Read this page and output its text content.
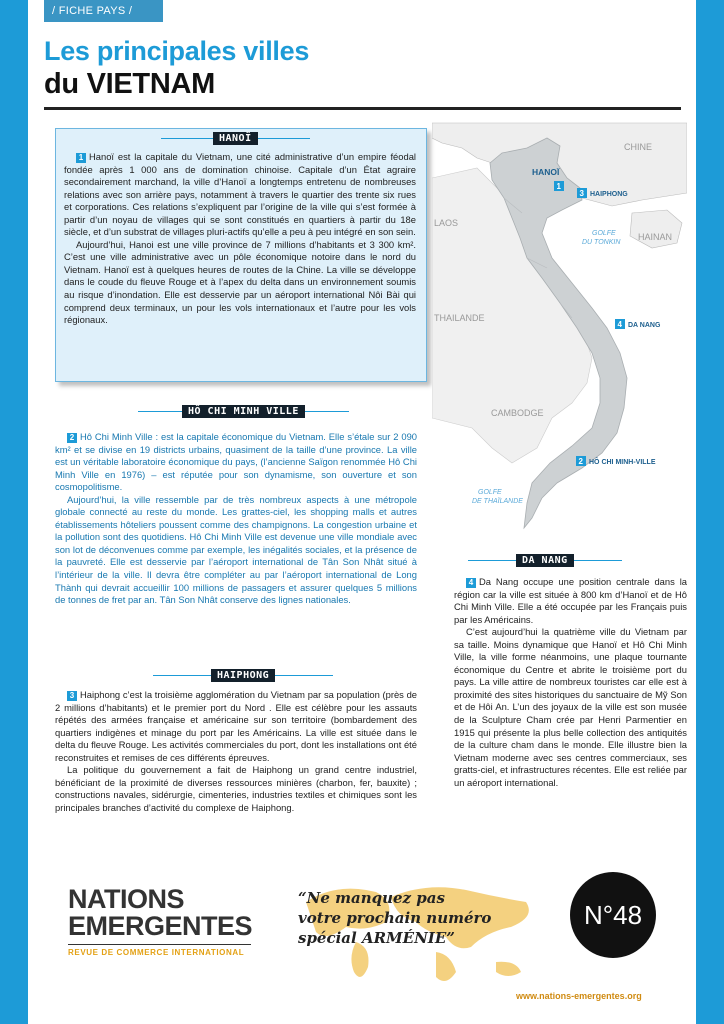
/ FICHE PAYS /
Les principales villes
du VIETNAM
HANOÏ

1 Hanoï est la capitale du Vietnam, une cité administrative d’un empire féodal fondée après 1 000 ans de domination chinoise. Capitale d’un État agraire secondairement marchand, la ville d’Hanoï a longtemps entretenu de nombreuses relations avec son arrière pays, notamment à travers le quartier des trente six rues et corporations. Ces relations s’expliquent par l’origine de la ville qui s’est formée à partir d’un noyau de villages qui se sont constitués en quartiers à partir du 18e siècle, et d’un substrat de villages pluri-actifs qu’elle a peu à peu intégré en son sein.

Aujourd’hui, Hanoi est une ville province de 7 millions d’habitants et 3 300 km². C’est une ville administrative avec un pôle économique notoire dans le nord du Vietnam. Hanoï est à quelques heures de routes de la Chine. La ville se développe dans le coude du fleuve Rouge et à l’apex du delta dans un environnement soumis au risque d’inondation. Elle est desservie par un aéroport international Nôi Bài qui comprend deux terminaux, un pour les vols internationaux et l’autre pour les vols régionaux.

HÔ CHI MINH VILLE

2 Hô Chi Minh Ville : est la capitale économique du Vietnam. Elle s’étale sur 2 090 km² et se divise en 19 districts urbains, quasiment de la taille d’une province. La ville est un véritable laboratoire économique du pays, (l’ancienne Saïgon renommée Hô Chi Minh Ville en 1976) – est réputée pour son dynamisme, son ouverture et son cosmopolitisme.

Aujourd’hui, la ville ressemble par de très nombreux aspects à une métropole globale connecté au reste du monde. Les grattes-ciel, les shopping malls et autres établissements hôteliers poussent comme des champignons. La congestion urbaine et la pollution sont des quotidiens. Hô Chi Minh Ville est devenue une ville mondiale avec son lot de déconvenues comme par exemple, les inégalités sociales, et la présence de la pauvreté. Elle est desservie par l’aéroport international de Tân Son Nhât situé à l’intérieur de la ville. Il devra être compléter au par l’aéroport international de Long Thành qui devrait accueillir 100 millions de passagers et assurer quelques 5 millions de tonnes de fret par an. Tân Son Nhât conserve des lignes nationales.

HAIPHONG

3 Haiphong c’est la troisième agglomération du Vietnam par sa population (près de 2 millions d’habitants) et le premier port du Nord . Elle est célèbre pour les assauts répétés des armées française et américaine sur son territoire (bombardement des quartiers indigènes et minage du port par les Américains. La ville est située dans le delta du fleuve Rouge. Les activités commerciales du port, dont les installations ont été reconstruites et remises de ces différents épreuves.

La politique du gouvernement a fait de Haiphong un grand centre industriel, bénéficiant de la proximité de diverses ressources minières (charbon, fer, bauxite) ; constructions navales, sidérurgie, cimenteries, industries textiles et chimiques sont les principales branches d’activité du complexe de Haiphong.

CHINE
LAOS
THAILANDE
CAMBODGE
HAINAN
GOLFE
DU TONKIN
GOLFE
DE THAÏLANDE
HANOÏ
1
3 HAIPHONG
4 DA NANG
2 HÔ CHI MINH-VILLE
DA NANG

4 Da Nang occupe une position centrale dans la région car la ville est située à 800 km d’Hanoï et de Hô Chi Minh Ville. Elle a été occupée par les Français puis par les Américains.

C’est aujourd’hui la quatrième ville du Vietnam par sa taille. Moins dynamique que Hanoï et Hô Chi Minh Ville, la ville forme néanmoins, une plaque tournante économique du Centre et abrite le troisième port du pays. La ville attire de nombreux touristes car elle est à proximité des sites historiques du sanctuaire de Mỹ Son et de Hôi An. L’un des joyaux de la ville est son musée de la Sculpture Cham crée par Henri Parmentier en 1915 qui présente la plus belle collection des antiquités de la culture cham dans le monde. Elle illustre bien la Vietnam moderne avec ses centres commerciaux, ses gratts-ciel, et infrastructures récentes. Elle est reliée par un aéroport international.

NATIONS
EMERGENTES
REVUE DE COMMERCE INTERNATIONAL
“Ne manquez pas
votre prochain numéro
spécial ARMÉNIE”
N°48
www.nations-emergentes.org
